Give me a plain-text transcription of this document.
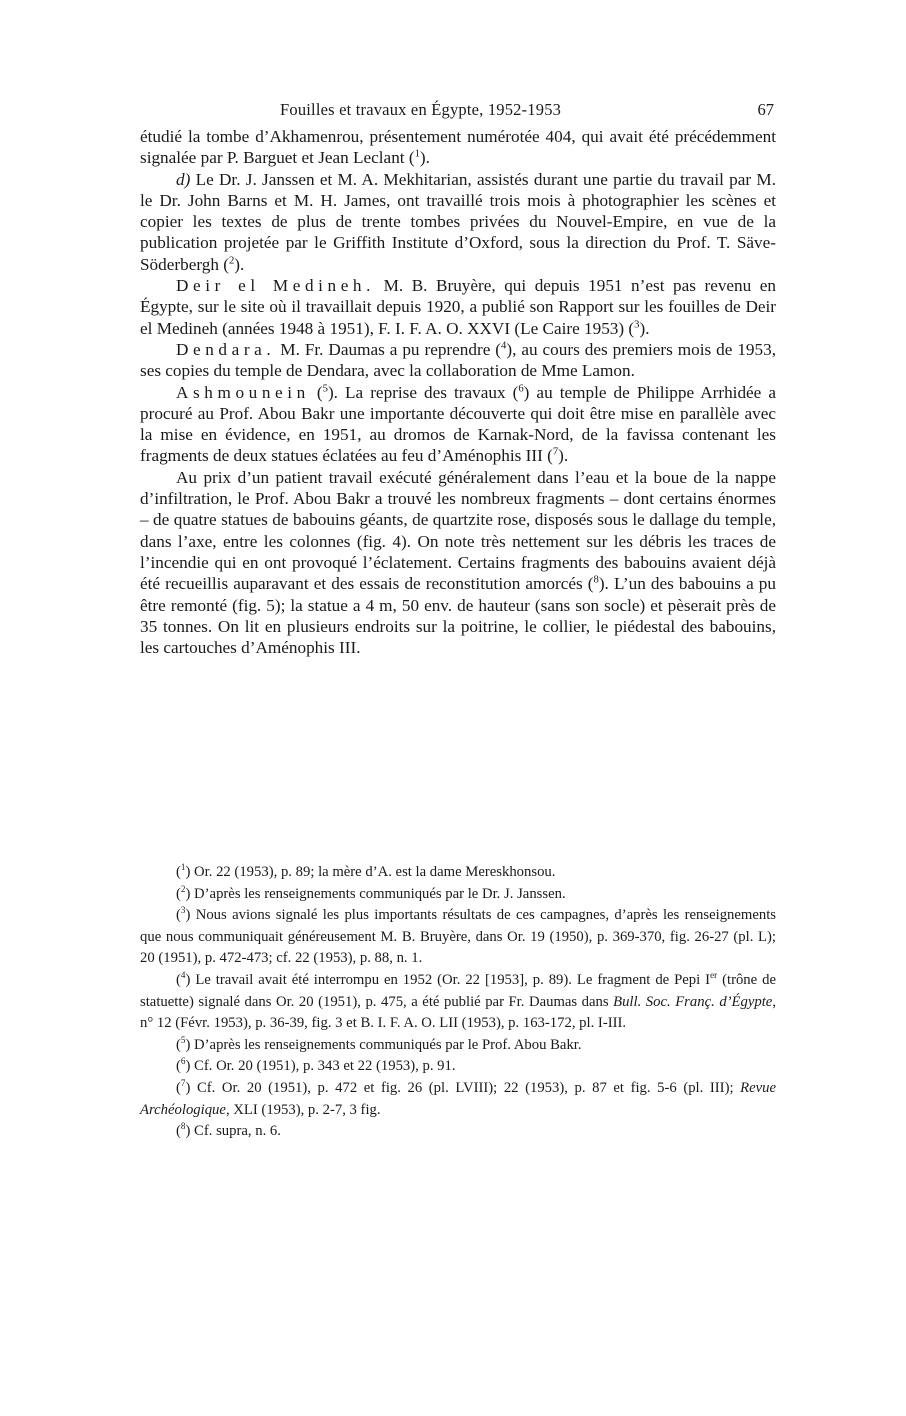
Fouilles et travaux en Égypte, 1952-1953	67

étudié la tombe d’Akhamenrou, présentement numérotée 404, qui avait été précédemment signalée par P. Barguet et Jean Leclant ($^1$).

d) Le Dr. J. Janssen et M. A. Mekhitarian, assistés durant une partie du travail par M. le Dr. John Barns et M. H. James, ont travaillé trois mois à photographier les scènes et copier les textes de plus de trente tombes privées du Nouvel-Empire, en vue de la publication projetée par le Griffith Institute d’Oxford, sous la direction du Prof. T. Säve-Söderbergh ($^2$).

Deir el Medineh. M. B. Bruyère, qui depuis 1951 n’est pas revenu en Égypte, sur le site où il travaillait depuis 1920, a publié son Rapport sur les fouilles de Deir el Medineh (années 1948 à 1951), F. I. F. A. O. XXVI (Le Caire 1953) ($^3$).

Dendara. M. Fr. Daumas a pu reprendre ($^4$), au cours des premiers mois de 1953, ses copies du temple de Dendara, avec la collaboration de Mme Lamon.

Ashmounein ($^5$). La reprise des travaux ($^6$) au temple de Philippe Arrhidée a procuré au Prof. Abou Bakr une importante découverte qui doit être mise en parallèle avec la mise en évidence, en 1951, au dromos de Karnak-Nord, de la favissa contenant les fragments de deux statues éclatées au feu d’Aménophis III ($^7$).

Au prix d’un patient travail exécuté généralement dans l’eau et la boue de la nappe d’infiltration, le Prof. Abou Bakr a trouvé les nombreux fragments – dont certains énormes – de quatre statues de babouins géants, de quartzite rose, disposés sous le dallage du temple, dans l’axe, entre les colonnes (fig. 4). On note très nettement sur les débris les traces de l’incendie qui en ont provoqué l’éclatement. Certains fragments des babouins avaient déjà été recueillis auparavant et des essais de reconstitution amorcés ($^8$). L’un des babouins a pu être remonté (fig. 5); la statue a 4 m, 50 env. de hauteur (sans son socle) et pèserait près de 35 tonnes. On lit en plusieurs endroits sur la poitrine, le collier, le piédestal des babouins, les cartouches d’Aménophis III.

($^1$) Or. 22 (1953), p. 89; la mère d’A. est la dame Mereskhonsou.

($^2$) D’après les renseignements communiqués par le Dr. J. Janssen.

($^3$) Nous avions signalé les plus importants résultats de ces campagnes, d’après les renseignements que nous communiquait généreusement M. B. Bruyère, dans Or. 19 (1950), p. 369-370, fig. 26-27 (pl. L); 20 (1951), p. 472-473; cf. 22 (1953), p. 88, n. 1.

($^4$) Le travail avait été interrompu en 1952 (Or. 22 [1953], p. 89). Le fragment de Pepi Ier (trône de statuette) signalé dans Or. 20 (1951), p. 475, a été publié par Fr. Daumas dans Bull. Soc. Franç. d’Égypte, n° 12 (Févr. 1953), p. 36-39, fig. 3 et B. I. F. A. O. LII (1953), p. 163-172, pl. I-III.

($^5$) D’après les renseignements communiqués par le Prof. Abou Bakr.

($^6$) Cf. Or. 20 (1951), p. 343 et 22 (1953), p. 91.

($^7$) Cf. Or. 20 (1951), p. 472 et fig. 26 (pl. LVIII); 22 (1953), p. 87 et fig. 5-6 (pl. III); Revue Archéologique, XLI (1953), p. 2-7, 3 fig.

($^8$) Cf. supra, n. 6.
